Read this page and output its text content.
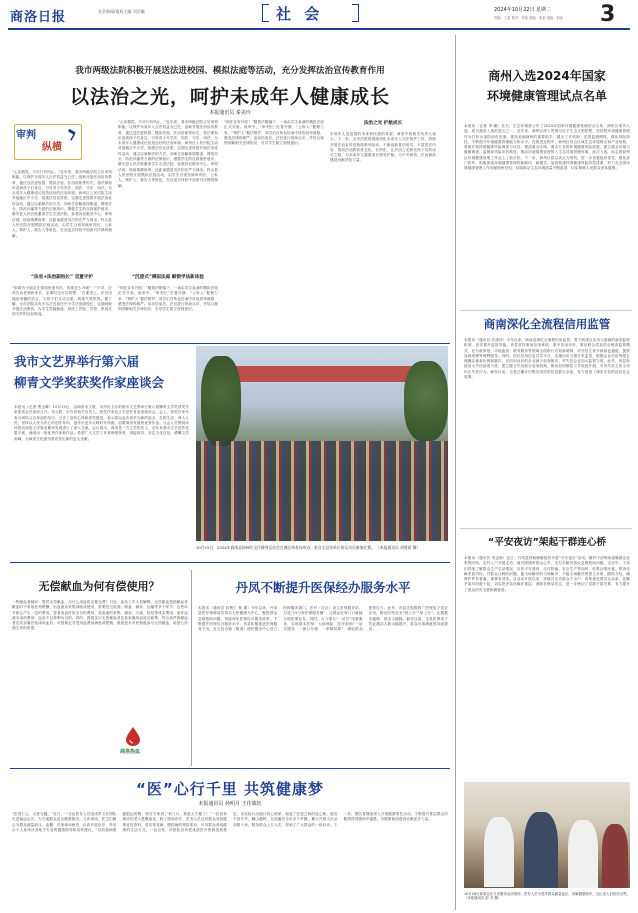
商洛日报	社会新闻/值班主编 刘芸珊	社 会	2024年10月22日 星期二
责编：王某 校对：李某 美编：张某 组版：刘某	3
我市两级法院积极开展送法进校园、模拟法庭等活动，充分发挥法治宣传教育作用
以法治之光，呵护未成年人健康成长
本报通讯员 秦美玲
审判
纵横
“心存敬畏，方可行有所止。”近年来，我市两级法院立足审判职能，以保护未成年人合法权益为己任，创新开展法治宣传教育，通过送法进校园、模拟法庭、法治讲座等形式，将法律知识送到孩子们身边，引导青少年学法、知法、守法、用法，为未成年人健康成长营造良好的法治环境。商州区人民法院主动对接辖区中小学，组建法官宣讲团，定期走进校园开展法治宣传活动，通过以案释法的方式，向师生讲解校园欺凌、网络安全、防范诈骗等方面的法律知识，增强学生的自我保护意识。镇安县人民法院邀请学生走进法院，参观诉讼服务中心、审判法庭，现场观摩庭审，近距离感受司法的庄严与神圣。柞水县人民法院开展模拟法庭活动，由学生分别扮演审判长、公诉人、辩护人、被告人等角色，在沉浸式体验中加深对法律的理解。
“法官+法治副校长” 双重守护
“如果有小朋友在校园里欺负你，你要怎么办呢？”“不对，应该告诉老师和家长，必要时还可以报警。”在课堂上，法官用通俗易懂的语言，与孩子们互动交流，现场气氛热烈。据了解，全市法院共有多名法官担任中小学法治副校长，定期到校开展法治教育，为学生答疑解惑，形成了法院、学校、家庭共同守护的良好格局。
“心存敬畏，方可行有所止。”近年来，我市两级法院立足审判职能，以保护未成年人合法权益为己任，创新开展法治宣传教育，通过送法进校园、模拟法庭、法治讲座等形式，将法律知识送到孩子们身边，引导青少年学法、知法、守法、用法，为未成年人健康成长营造良好的法治环境。商州区人民法院主动对接辖区中小学，组建法官宣讲团，定期走进校园开展法治宣传活动，通过以案释法的方式，向师生讲解校园欺凌、网络安全、防范诈骗等方面的法律知识，增强学生的自我保护意识。镇安县人民法院邀请学生走进法院，参观诉讼服务中心、审判法庭，现场观摩庭审，近距离感受司法的庄严与神圣。柞水县人民法院开展模拟法庭活动，由学生分别扮演审判长、公诉人、辩护人、被告人等角色，在沉浸式体验中加深对法律的理解。
“沉浸式”模拟法庭 解锁学法新体验
“现在宣布开庭！”随着法槌落下，一场由学生参演的模拟法庭正式开庭。庭审中，“审判长”沉着冷静，“公诉人”据理力争，“辩护人”据法辩护，同学们在角色扮演中体验庭审流程，感受法律的威严。活动结束后，法官进行现场点评，并结合案例讲解相关法律知识，引导学生树立规则意识。
“现在宣布开庭！”随着法槌落下，一场由学生参演的模拟法庭正式开庭。庭审中，“审判长”沉着冷静，“公诉人”据理力争，“辩护人”据法辩护，同学们在角色扮演中体验庭审流程，感受法律的威严。活动结束后，法官进行现场点评，并结合案例讲解相关法律知识，引导学生树立规则意识。
法治之光 护航成长
未成年人是祖国的未来和民族的希望。商洛中院相关负责人表示，下一步，全市法院将继续深化未成年人司法保护工作，持续开展法治宣传进校园系列活动，不断创新普法形式、丰富普法内容，推动法治教育常态化、长效化，让法治之光照亮孩子们的成长之路，为未成年人健康成长保驾护航，为平安商洛、法治商洛建设贡献法院力量。
我市文艺界举行第六届
柳青文学奖获奖作家座谈会
本报讯（记者 贾宝峰）10月13日，由商洛市文联、市作协主办的我市文艺界举行第六届柳青文学奖获奖作家座谈会在商洛召开。市文联、市作协相关负责人，获奖作家及文学爱好者参加座谈会。会上，获奖作家代表分别结合自身创作经历，分享了创作心得和获奖感受，表示将以此次获奖为新的起点，扎根生活、深入人民，坚持以人民为中心的创作导向，创作出更多反映时代风貌、讴歌商洛发展的优秀作品。与会人员围绕如何推动商洛文学事业繁荣发展进行了深入交流。会议指出，商洛是一方文学的沃土，近年来我市文学创作成果丰硕，涌现出一批优秀作家和作品。希望广大文学工作者珍惜荣誉，再接再厉，坚定文化自信，勇攀文学高峰，为商洛文化强市建设作出新的更大贡献。
10月15日，2024年商南县柿柿红全民健身运动会在城区体育场举办，来自全县各单位的运动员参加比赛。 （本报通讯员 胡建斌 摄）
商州入选2024年国家
环境健康管理试点名单
本报讯（记者 李 曦）近日，生态环境部公布了2024年国家环境健康管理试点名单，商州区成功入选，成为我省入选的县区之一。近年来，商州区深入贯彻习近平生态文明思想，坚持把环境健康管理作为打好污染防治攻坚战、建设美丽商州的重要抓手，健全工作机制，完善监测网络，强化风险防控，不断提升环境健康管理能力和水平。在推进过程中，商州区结合区域生态环境特点和产业结构，系统开展环境健康风险调查与评估，摸清重点区域、重点行业的环境健康风险底数，建立健全环境与健康调查、监测和风险评估制度，推动环境健康管理纳入生态环境管理体系。此次入选，标志着商州区环境健康管理工作迈上了新台阶。下一步，商州区将以试点为契机，进一步加强组织领导，强化部门协作，积极探索环境健康管理的新路径、新模式，加快构建环境健康风险防控体系，努力为全国环境健康管理工作贡献商州经验，持续推动生态环境质量不断改善，切实保障人民群众身体健康。
商南深化全流程信用监管
本报讯（通讯员 代建萍）今年以来，商南县深化全流程信用监管，着力构建以信用为基础的新型监管机制，切实提升监管效能。该县坚持事前信用承诺、事中信用评价、事后联合奖惩的全链条监管模式，在行政审批、市场监管、税务服务等领域全面推行告知承诺制，对守信主体开辟绿色通道，提供容缺受理等便利服务。同时，依托信用信息共享平台，实施信用分级分类监管，根据企业信用等级合理确定抽查比例和频次，对信用良好的企业减少检查频次，对失信企业加大监管力度。此外，该县持续加大失信惩戒力度，建立健全失信联合惩戒机制，推动信用修复工作规范开展，引导失信主体主动纠正失信行为。截至目前，全县已累计归集各类信用信息数万余条，有力营造了诚实守信的良好社会氛围。
“平安夜访”架起干群连心桥
本报讯（通讯员 宋忠涛）近日，丹凤县铁峪铺镇组织开展“平安夜访”活动，镇村干部利用夜晚群众在家的时间，走村入户开展走访，面对面倾听群众心声，实打实解决群众急难愁盼问题。走访中，干部们详细了解群众生产生活情况，宣传平安建设、反诈防骗、安全生产等知识，收集社情民意，排查化解矛盾纠纷。对群众反映的问题，能当场解决的当场解决，不能当场解决的建立台账、限时办结，确保件件有着落、事事有回音。自活动开展以来，该镇共走访群众千余户，收集意见建议百余条，化解矛盾纠纷数十起，切实把矛盾化解在基层、消除在萌芽状态，进一步密切了党群干群关系，有力提升了群众的安全感和满意度。
10月16日商某社区义诊服务活动现场，医务人员为老年群众测量血压、讲解健康知识，社区老人们纷纷点赞。 （本报通讯员 彭 芬 摄）
无偿献血为何有偿使用？
一些献血者疑问：既然无偿献血，为什么用血时还要交费？对此，血站工作人员解释，无偿献血是指献血者献血时不收取任何报酬，但血液从采集到临床使用，需要经过检测、制备、储存、运输等多个环节，这些环节都会产生一定的费用。患者用血时所支付的费用，是血液的采集、储存、分离、检验等成本费用，而非血液本身的费用，血站不以营利为目的。同时，我国实行无偿献血者及其家属用血返还政策，符合条件的献血者及其亲属在临床用血后，可按规定享受用血费用减免或报销，鼓励更多市民积极参与无偿献血，用爱心传递生命的希望。
商洛热血
丹凤不断提升医保经办服务水平
本报讯（通讯员 贺利仁 杨 瑾）今年以来，丹凤县医疗保障局坚持以人民健康为中心，聚焦群众急难愁盼问题，持续深化医保经办服务改革，不断提升医保经办服务水平。该县积极推进医保服务下沉，在全县各镇（街道）便民服务中心设立医保服务窗口，在村（社区）设立医保服务站，打造“15分钟医保服务圈”，让群众在家门口就能办理医保业务。同时，大力推行“一站式”结算服务，实现基本医保、大病保险、医疗救助“一站式服务、一窗口办理、一单制结算”，减轻群众垫资压力。此外，该县还积极推广医保电子凭证应用，推动医保业务“网上办”“掌上办”，让数据多跑路、群众少跑腿。截至目前，全县医保电子凭证激活人数大幅提升，群众办事满意度持续提高。
“医”心行千里 共筑健康梦
本报通讯员 孙明月 王佳姝钰
“医者仁心，大爱无疆。”近日，一支由医务人员组成的义诊团队走进偏远山区，为当地群众送去健康服务。义诊现场，医生们耐心为群众测量血压、血糖，详细询问病史，认真开展诊疗，并结合个人身体状况给予专业的健康指导和用药建议。“以前看病要跑很远的路，现在专家到了家门口，真是太方便了！”一位前来就诊的老人感慨地说。除了现场诊疗，医务人员还向群众发放健康宣传资料，普及常见病、慢性病的预防知识，引导群众养成健康的生活方式。一直以来，该团队坚持把优质医疗资源送到基层，用实际行动践行初心使命，架起了医患之间的连心桥。他们不辞辛劳、翻山越岭，足迹遍布全市多个乡镇，累计开展义诊活动数十场，服务群众上万人次，得到了广大群众的一致好评。下一步，团队将继续深入开展健康帮扶活动，不断提升基层群众的健康获得感和幸福感，为健康商洛建设贡献更多力量。
